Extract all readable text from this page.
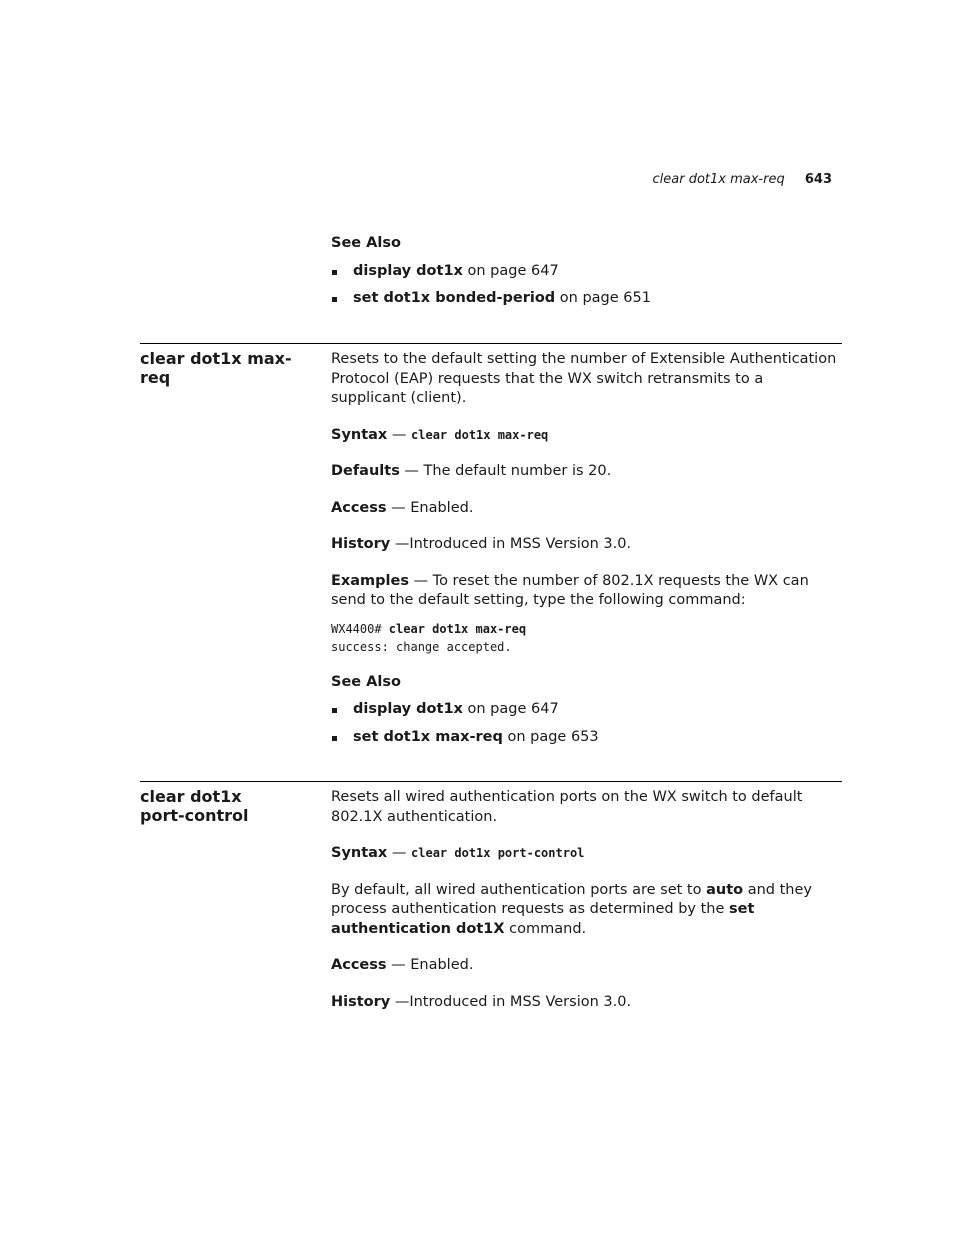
clear dot1x max-req 643
See Also
display dot1x on page 647
set dot1x bonded-period on page 651
clear dot1x max-req

Resets to the default setting the number of Extensible Authentication Protocol (EAP) requests that the WX switch retransmits to a supplicant (client).

Syntax — clear dot1x max-req

Defaults — The default number is 20.

Access — Enabled.

History —Introduced in MSS Version 3.0.

Examples — To reset the number of 802.1X requests the WX can send to the default setting, type the following command:

WX4400# clear dot1x max-req
success: change accepted.
See Also
display dot1x on page 647
set dot1x max-req on page 653
clear dot1x
port-control

Resets all wired authentication ports on the WX switch to default 802.1X authentication.

Syntax — clear dot1x port-control

By default, all wired authentication ports are set to auto and they process authentication requests as determined by the set authentication dot1X command.

Access — Enabled.

History —Introduced in MSS Version 3.0.
